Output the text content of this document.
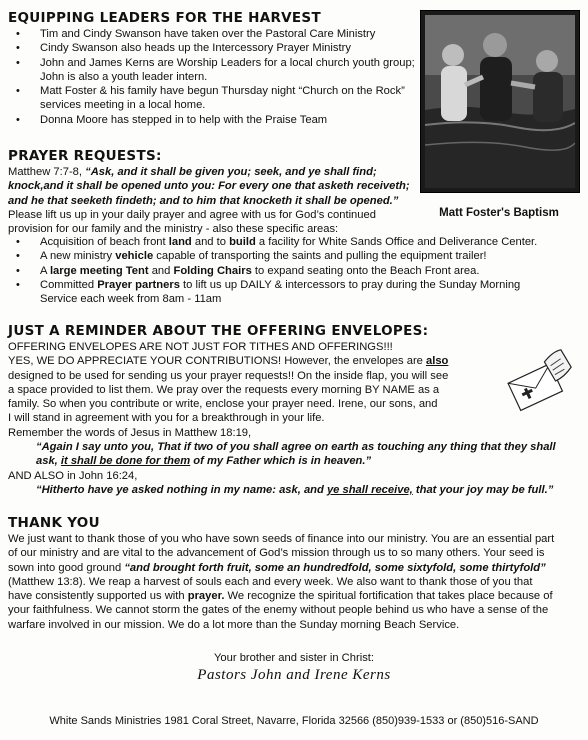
EQUIPPING LEADERS FOR THE HARVEST
• Tim and Cindy Swanson have taken over the Pastoral Care Ministry
• Cindy Swanson also heads up the Intercessory Prayer Ministry
• John and James Kerns are Worship Leaders for a local church youth group; John is also a youth leader intern.
• Matt Foster & his family have begun Thursday night “Church on the Rock” services meeting in a local home.
• Donna Moore has stepped in to help with the Praise Team
Matt Foster's Baptism
PRAYER REQUESTS:

Matthew 7:7-8, “Ask, and it shall be given you; seek, and ye shall find;

knock,and it shall be opened unto you: For every one that asketh receiveth;

and he that seeketh findeth; and to him that knocketh it shall be opened.”

Please lift us up in your daily prayer and agree with us for God’s continued

provision for our family and the ministry - also these specific areas:

• Acquisition of beach front land and to build a facility for White Sands Office and Deliverance Center.
• A new ministry vehicle capable of transporting the saints and pulling the equipment trailer!
• A large meeting Tent and Folding Chairs to expand seating onto the Beach Front area.
• Committed Prayer partners to lift us up DAILY & intercessors to pray during the Sunday Morning Service each week from 8am - 11am
JUST A REMINDER ABOUT THE OFFERING ENVELOPES:

OFFERING ENVELOPES ARE NOT JUST FOR TITHES AND OFFERINGS!!!

YES, WE DO APPRECIATE YOUR CONTRIBUTIONS! However, the envelopes are also

designed to be used for sending us your prayer requests!! On the inside flap, you will see

a space provided to list them. We pray over the requests every morning BY NAME as a

family. So when you contribute or write, enclose your prayer need. Irene, our sons, and

I will stand in agreement with you for a breakthrough in your life.

Remember the words of Jesus in Matthew 18:19,

“Again I say unto you, That if two of you shall agree on earth as touching any thing that they shall

ask, it shall be done for them of my Father which is in heaven.”

AND ALSO in John 16:24,

“Hitherto have ye asked nothing in my name: ask, and ye shall receive, that your joy may be full.”

THANK YOU

We just want to thank those of you who have sown seeds of finance into our ministry. You are an essential part

of our ministry and are vital to the advancement of God’s mission through us to so many others. Your seed is

sown into good ground “and brought forth fruit, some an hundredfold, some sixtyfold, some thirtyfold”

(Matthew 13:8). We reap a harvest of souls each and every week. We also want to thank those of you that

have consistently supported us with prayer. We recognize the spiritual fortification that takes place because of

your faithfulness. We cannot storm the gates of the enemy without people behind us who have a sense of the

warfare involved in our mission. We do a lot more than the Sunday morning Beach Service.

Your brother and sister in Christ:

Pastors John and Irene Kerns

White Sands Ministries 1981 Coral Street, Navarre, Florida 32566 (850)939-1533 or (850)516-SAND
